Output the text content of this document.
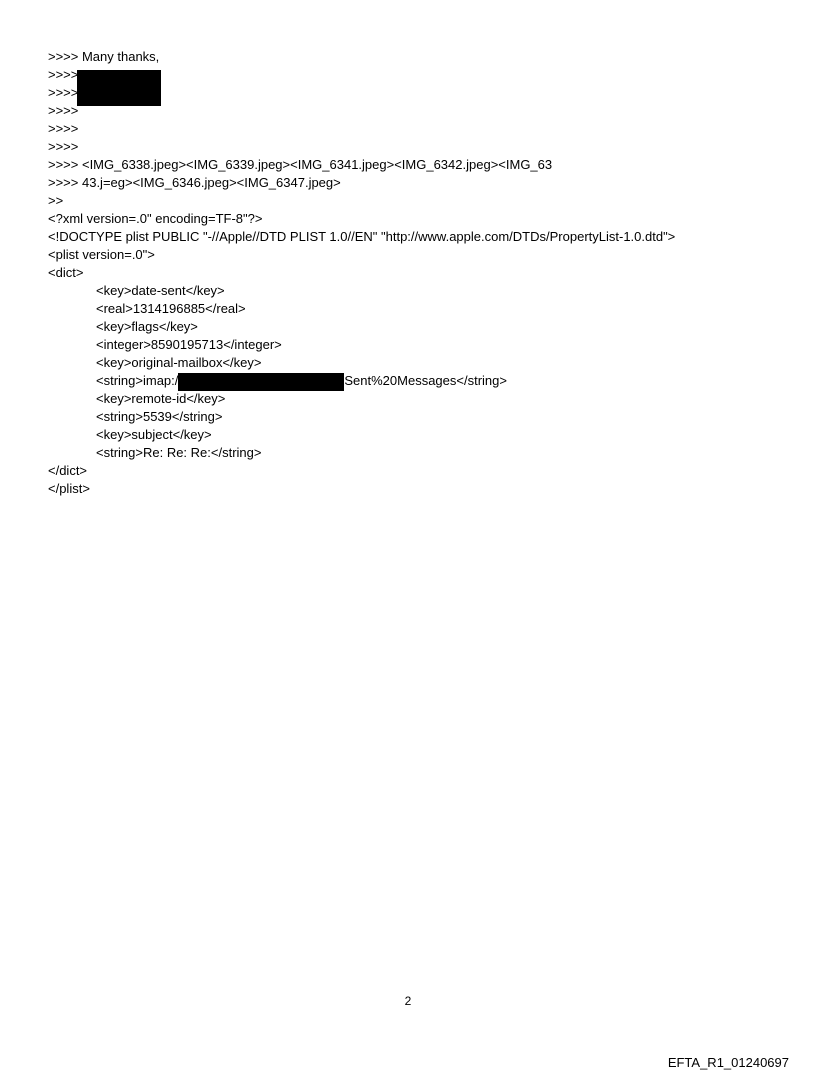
>>>> Many thanks,
>>>>
>>>>
>>>>
>>>>
>>>>
>>>> <IMG_6338.jpeg><IMG_6339.jpeg><IMG_6341.jpeg><IMG_6342.jpeg><IMG_63
>>>> 43.j=eg><IMG_6346.jpeg><IMG_6347.jpeg>
>>
<?xml version=.0" encoding=TF-8"?>
<!DOCTYPE plist PUBLIC "-//Apple//DTD PLIST 1.0//EN" "http://www.apple.com/DTDs/PropertyList-1.0.dtd">
<plist version=.0">
<dict>
<key>date-sent</key>
<real>1314196885</real>
<key>flags</key>
<integer>8590195713</integer>
<key>original-mailbox</key>
<string>imap:/	Sent%20Messages</string>
<key>remote-id</key>
<string>5539</string>
<key>subject</key>
<string>Re: Re: Re:</string>
</dict>
</plist>
2
EFTA_R1_01240697
